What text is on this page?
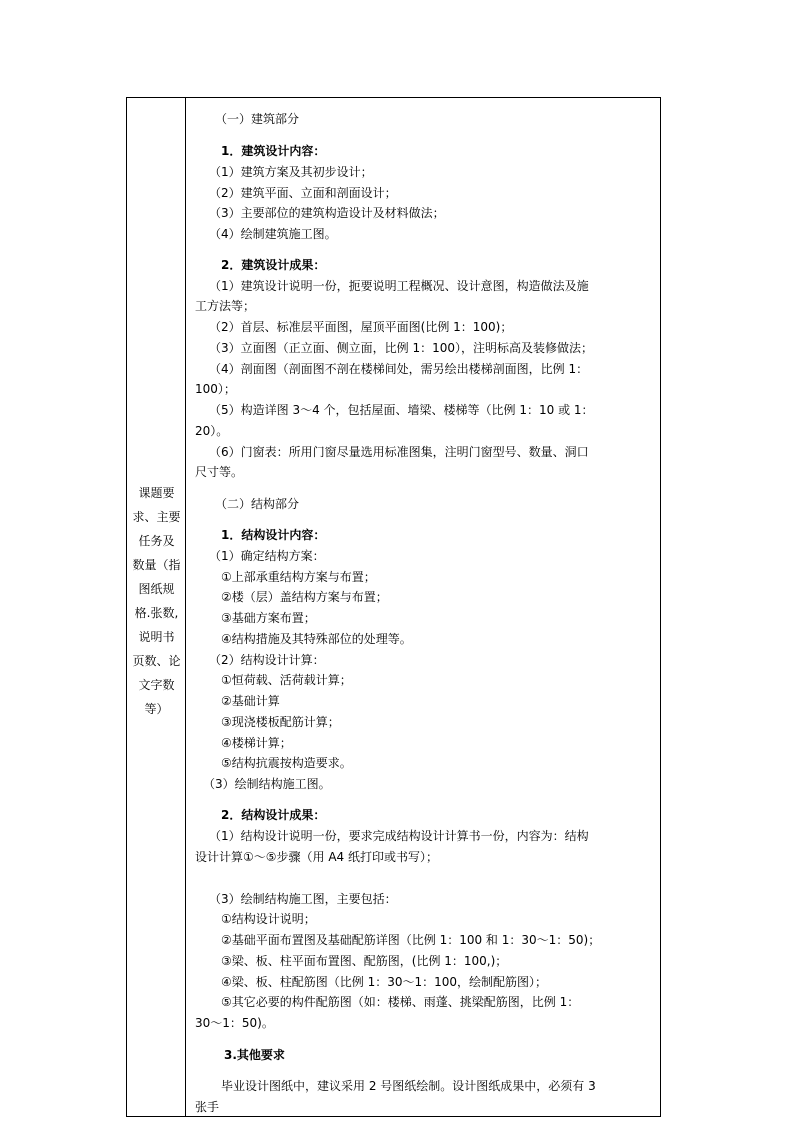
课题要
求、主要
任务及
数量（指
图纸规
格.张数,
说明书
页数、论
文字数
等）
（一）建筑部分
1．建筑设计内容：
（1）建筑方案及其初步设计；
（2）建筑平面、立面和剖面设计；
（3）主要部位的建筑构造设计及材料做法；
（4）绘制建筑施工图。
2．建筑设计成果：
（1）建筑设计说明一份，扼要说明工程概况、设计意图，构造做法及施
工方法等；
（2）首层、标准层平面图，屋顶平面图(比例 1：100)；
（3）立面图（正立面、侧立面，比例 1：100），注明标高及装修做法；
（4）剖面图（剖面图不剖在楼梯间处，需另绘出楼梯剖面图，比例 1：
100）；
（5）构造详图 3～4 个，包括屋面、墙梁、楼梯等（比例 1：10 或 1：
20）。
（6）门窗表：所用门窗尽量选用标准图集，注明门窗型号、数量、洞口
尺寸等。
（二）结构部分
1．结构设计内容：
（1）确定结构方案：
①上部承重结构方案与布置；
②楼（层）盖结构方案与布置；
③基础方案布置；
④结构措施及其特殊部位的处理等。
（2）结构设计计算：
①恒荷载、活荷载计算；
②基础计算
③现浇楼板配筋计算；
④楼梯计算；
⑤结构抗震按构造要求。
（3）绘制结构施工图。
2．结构设计成果：
（1）结构设计说明一份，要求完成结构设计计算书一份，内容为：结构
设计计算①～⑤步骤（用 A4 纸打印或书写）；
（3）绘制结构施工图，主要包括：
①结构设计说明；
②基础平面布置图及基础配筋详图（比例 1：100 和 1：30～1：50)；
③梁、板、柱平面布置图、配筋图，(比例 1：100,)；
④梁、板、柱配筋图（比例 1：30～1：100，绘制配筋图）；
⑤其它必要的构件配筋图（如：楼梯、雨蓬、挑梁配筋图，比例 1：
30～1：50)。
3.其他要求
毕业设计图纸中，建议采用 2 号图纸绘制。设计图纸成果中，必须有 3
张手
